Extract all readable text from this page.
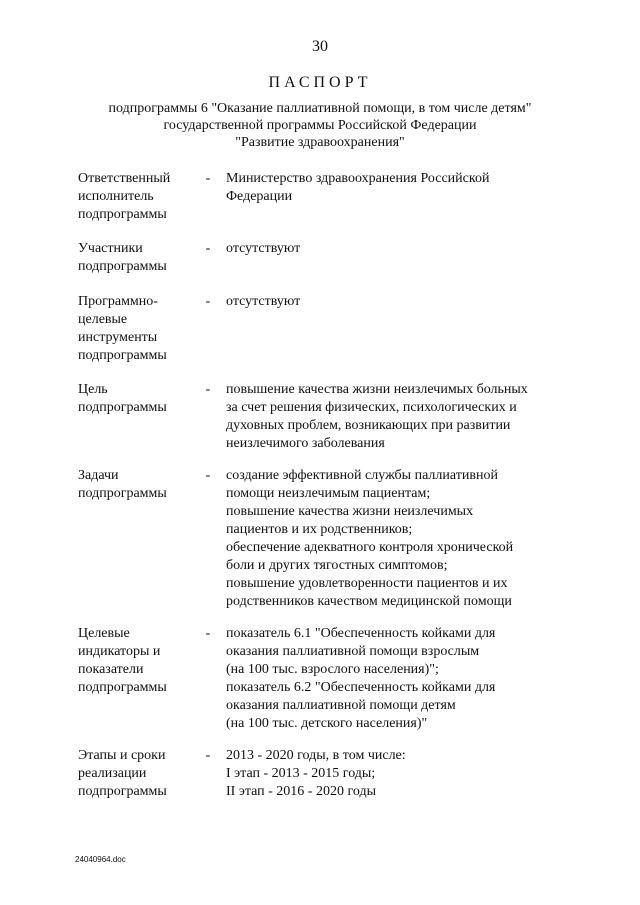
30
ПАСПОРТ
подпрограммы 6 "Оказание паллиативной помощи, в том числе детям"
государственной программы Российской Федерации
"Развитие здравоохранения"
Ответственный
исполнитель
подпрограммы
- Министерство здравоохранения Российской
Федерации
Участники
подпрограммы
- отсутствуют
Программно-
целевые
инструменты
подпрограммы
- отсутствуют
Цель
подпрограммы
- повышение качества жизни неизлечимых больных
за счет решения физических, психологических и
духовных проблем, возникающих при развитии
неизлечимого заболевания
Задачи
подпрограммы
- создание эффективной службы паллиативной
помощи неизлечимым пациентам;
повышение качества жизни неизлечимых
пациентов и их родственников;
обеспечение адекватного контроля хронической
боли и других тягостных симптомов;
повышение удовлетворенности пациентов и их
родственников качеством медицинской помощи
Целевые
индикаторы и
показатели
подпрограммы
- показатель 6.1 "Обеспеченность койками для
оказания паллиативной помощи взрослым
(на 100 тыс. взрослого населения)";
показатель 6.2 "Обеспеченность койками для
оказания паллиативной помощи детям
(на 100 тыс. детского населения)"
Этапы и сроки
реализации
подпрограммы
- 2013 - 2020 годы, в том числе:
I этап - 2013 - 2015 годы;
II этап - 2016 - 2020 годы
24040964.doc
